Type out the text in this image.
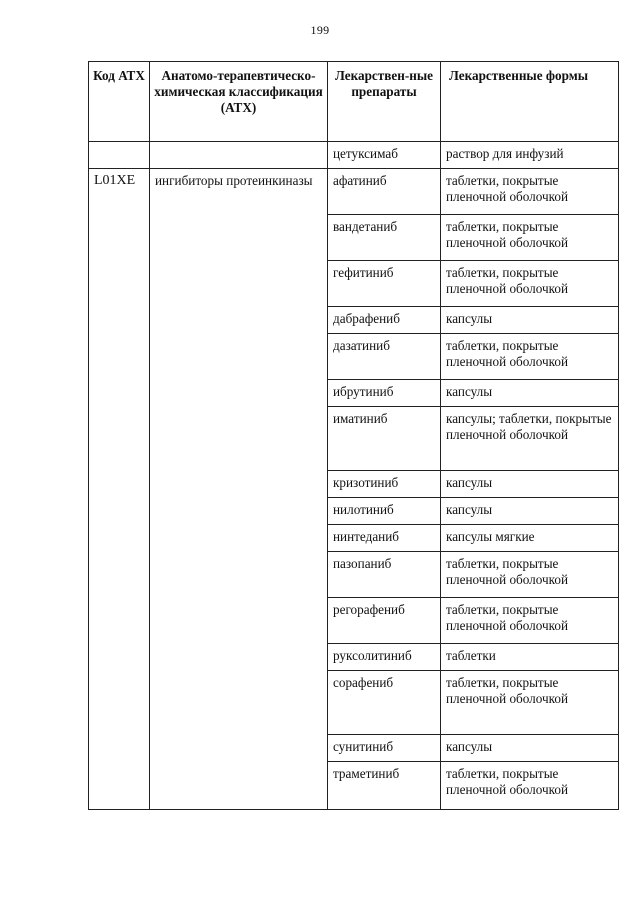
199
Код АТХ	Анатомо-терапевтическо-химическая классификация (АТХ)	Лекарствен-ные препараты	Лекарственные формы
		цетуксимаб	раствор для инфузий
L01XE	ингибиторы протеинкиназы	афатиниб	таблетки, покрытые пленочной оболочкой
		вандетаниб	таблетки, покрытые пленочной оболочкой
		гефитиниб	таблетки, покрытые пленочной оболочкой
		дабрафениб	капсулы
		дазатиниб	таблетки, покрытые пленочной оболочкой
		ибрутиниб	капсулы
		иматиниб	капсулы; таблетки, покрытые пленочной оболочкой
		кризотиниб	капсулы
		нилотиниб	капсулы
		нинтеданиб	капсулы мягкие
		пазопаниб	таблетки, покрытые пленочной оболочкой
		регорафениб	таблетки, покрытые пленочной оболочкой
		руксолитиниб	таблетки
		сорафениб	таблетки, покрытые пленочной оболочкой
		сунитиниб	капсулы
		траметиниб	таблетки, покрытые пленочной оболочкой
